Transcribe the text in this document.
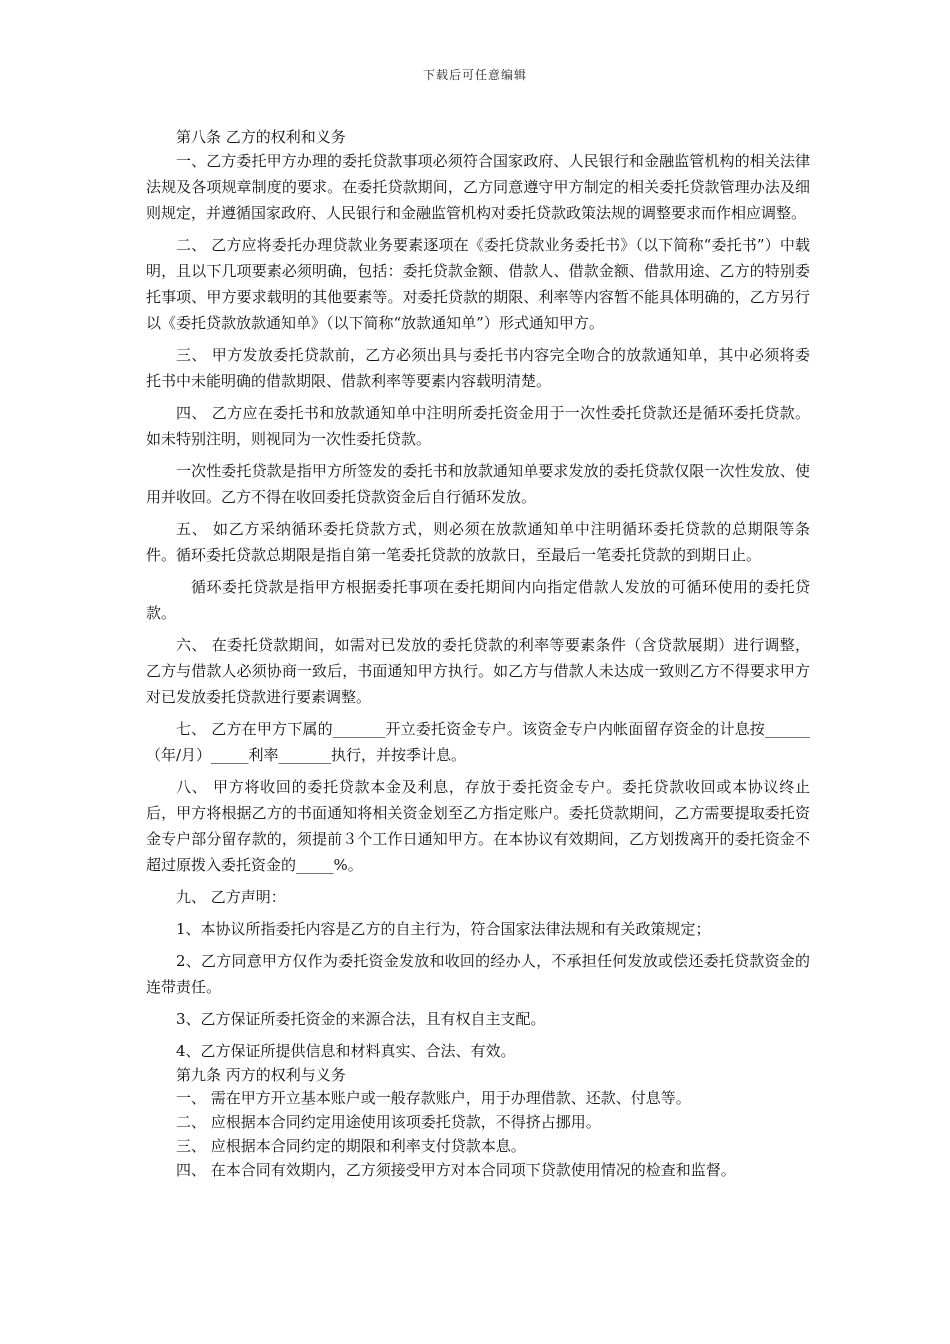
下载后可任意编辑

第八条 乙方的权利和义务

一、乙方委托甲方办理的委托贷款事项必须符合国家政府、人民银行和金融监管机构的相关法律法规及各项规章制度的要求。在委托贷款期间，乙方同意遵守甲方制定的相关委托贷款管理办法及细则规定，并遵循国家政府、人民银行和金融监管机构对委托贷款政策法规的调整要求而作相应调整。

二、 乙方应将委托办理贷款业务要素逐项在《委托贷款业务委托书》（以下简称“委托书”）中载明，且以下几项要素必须明确，包括：委托贷款金额、借款人、借款金额、借款用途、乙方的特别委托事项、甲方要求载明的其他要素等。对委托贷款的期限、利率等内容暂不能具体明确的，乙方另行以《委托贷款放款通知单》（以下简称“放款通知单”）形式通知甲方。

三、 甲方发放委托贷款前，乙方必须出具与委托书内容完全吻合的放款通知单，其中必须将委托书中未能明确的借款期限、借款利率等要素内容载明清楚。

四、 乙方应在委托书和放款通知单中注明所委托资金用于一次性委托贷款还是循环委托贷款。如未特别注明，则视同为一次性委托贷款。

一次性委托贷款是指甲方所签发的委托书和放款通知单要求发放的委托贷款仅限一次性发放、使用并收回。乙方不得在收回委托贷款资金后自行循环发放。

五、 如乙方采纳循环委托贷款方式，则必须在放款通知单中注明循环委托贷款的总期限等条件。循环委托贷款总期限是指自第一笔委托贷款的放款日，至最后一笔委托贷款的到期日止。

循环委托贷款是指甲方根据委托事项在委托期间内向指定借款人发放的可循环使用的委托贷款。

六、 在委托贷款期间，如需对已发放的委托贷款的利率等要素条件（含贷款展期）进行调整，乙方与借款人必须协商一致后，书面通知甲方执行。如乙方与借款人未达成一致则乙方不得要求甲方对已发放委托贷款进行要素调整。

七、 乙方在甲方下属的_______开立委托资金专户。该资金专户内帐面留存资金的计息按______（年/月）_____利率_______执行，并按季计息。

八、 甲方将收回的委托贷款本金及利息，存放于委托资金专户。委托贷款收回或本协议终止后，甲方将根据乙方的书面通知将相关资金划至乙方指定账户。委托贷款期间，乙方需要提取委托资金专户部分留存款的，须提前３个工作日通知甲方。在本协议有效期间，乙方划拨离开的委托资金不超过原拨入委托资金的_____%。

九、 乙方声明：

1、本协议所指委托内容是乙方的自主行为，符合国家法律法规和有关政策规定；

2、乙方同意甲方仅作为委托资金发放和收回的经办人，不承担任何发放或偿还委托贷款资金的连带责任。

3、乙方保证所委托资金的来源合法，且有权自主支配。

4、乙方保证所提供信息和材料真实、合法、有效。

第九条 丙方的权利与义务

一、 需在甲方开立基本账户或一般存款账户，用于办理借款、还款、付息等。

二、 应根据本合同约定用途使用该项委托贷款，不得挤占挪用。

三、 应根据本合同约定的期限和利率支付贷款本息。

四、 在本合同有效期内，乙方须接受甲方对本合同项下贷款使用情况的检查和监督。
